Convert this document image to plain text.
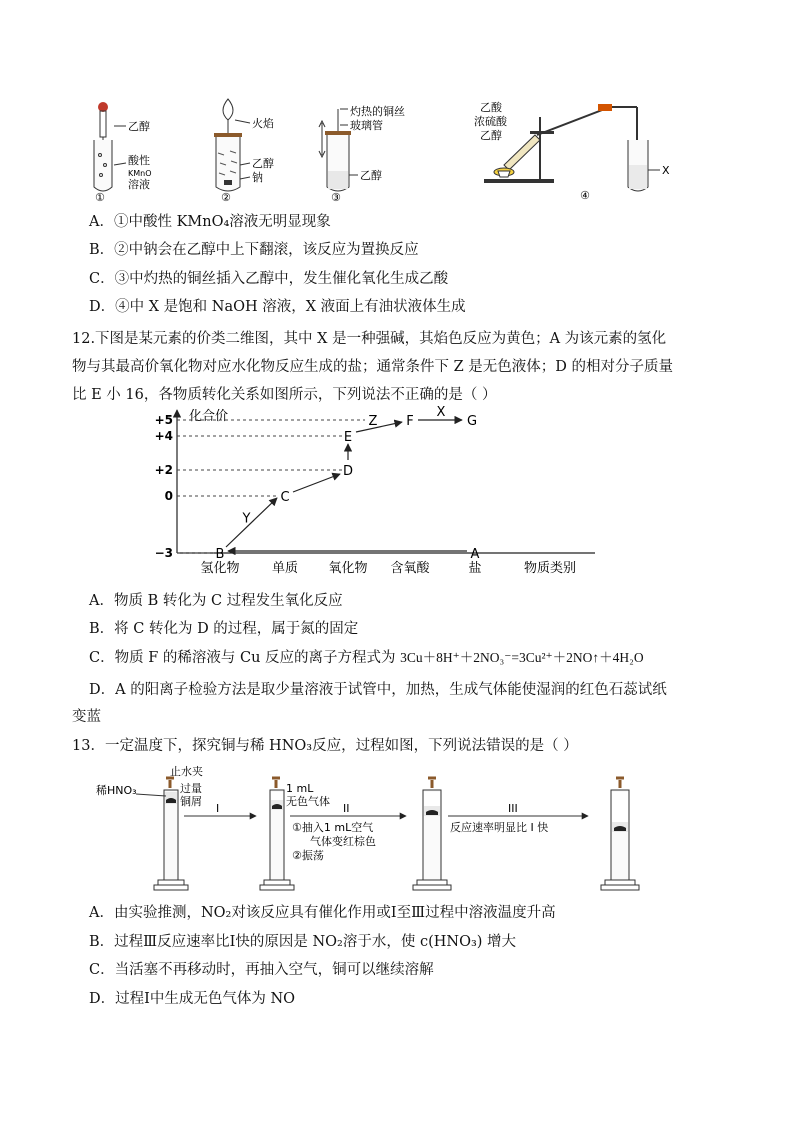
乙醇
酸性
KMnO
溶液
①
火焰
乙醇
钠
②
灼热的铜丝
玻璃管
乙醇
③
乙酸
浓硫酸
乙醇
X
④
A．①中酸性 KMnO₄溶液无明显现象
B．②中钠会在乙醇中上下翻滚，该反应为置换反应
C．③中灼热的铜丝插入乙醇中，发生催化氧化生成乙酸
D．④中 X 是饱和 NaOH 溶液，X 液面上有油状液体生成
12.下图是某元素的价类二维图，其中 X 是一种强碱，其焰色反应为黄色；A 为该元素的氢化
物与其最高价氧化物对应水化物反应生成的盐；通常条件下 Z 是无色液体；D 的相对分子质量
比 E 小 16，各物质转化关系如图所示，下列说法不正确的是（ ）
化合价
+5
+4
+2
0
−3
氢化物 单质 氧化物 含氧酸	盐	物质类别
A
B
C
D
E
F	G
Y
Z
X
A．物质 B 转化为 C 过程发生氧化反应
B．将 C 转化为 D 的过程，属于氮的固定
C．物质 F 的稀溶液与 Cu 反应的离子方程式为 3Cu＋8H⁺＋2NO₃⁻=3Cu²⁺＋2NO↑＋4H₂O
D．A 的阳离子检验方法是取少量溶液于试管中，加热，生成气体能使湿润的红色石蕊试纸
变蓝
13．一定温度下，探究铜与稀 HNO₃反应，过程如图，下列说法错误的是（ ）
止水夹
稀HNO₃	过量
铜屑
I
1 mL
无色气体
II
①抽入1 mL空气
气体变红棕色
②振荡
III
反应速率明显比 I 快
A．由实验推测，NO₂对该反应具有催化作用或Ⅰ至Ⅲ过程中溶液温度升高
B．过程Ⅲ反应速率比Ⅰ快的原因是 NO₂溶于水，使 c(HNO₃) 增大
C．当活塞不再移动时，再抽入空气，铜可以继续溶解
D．过程Ⅰ中生成无色气体为 NO
